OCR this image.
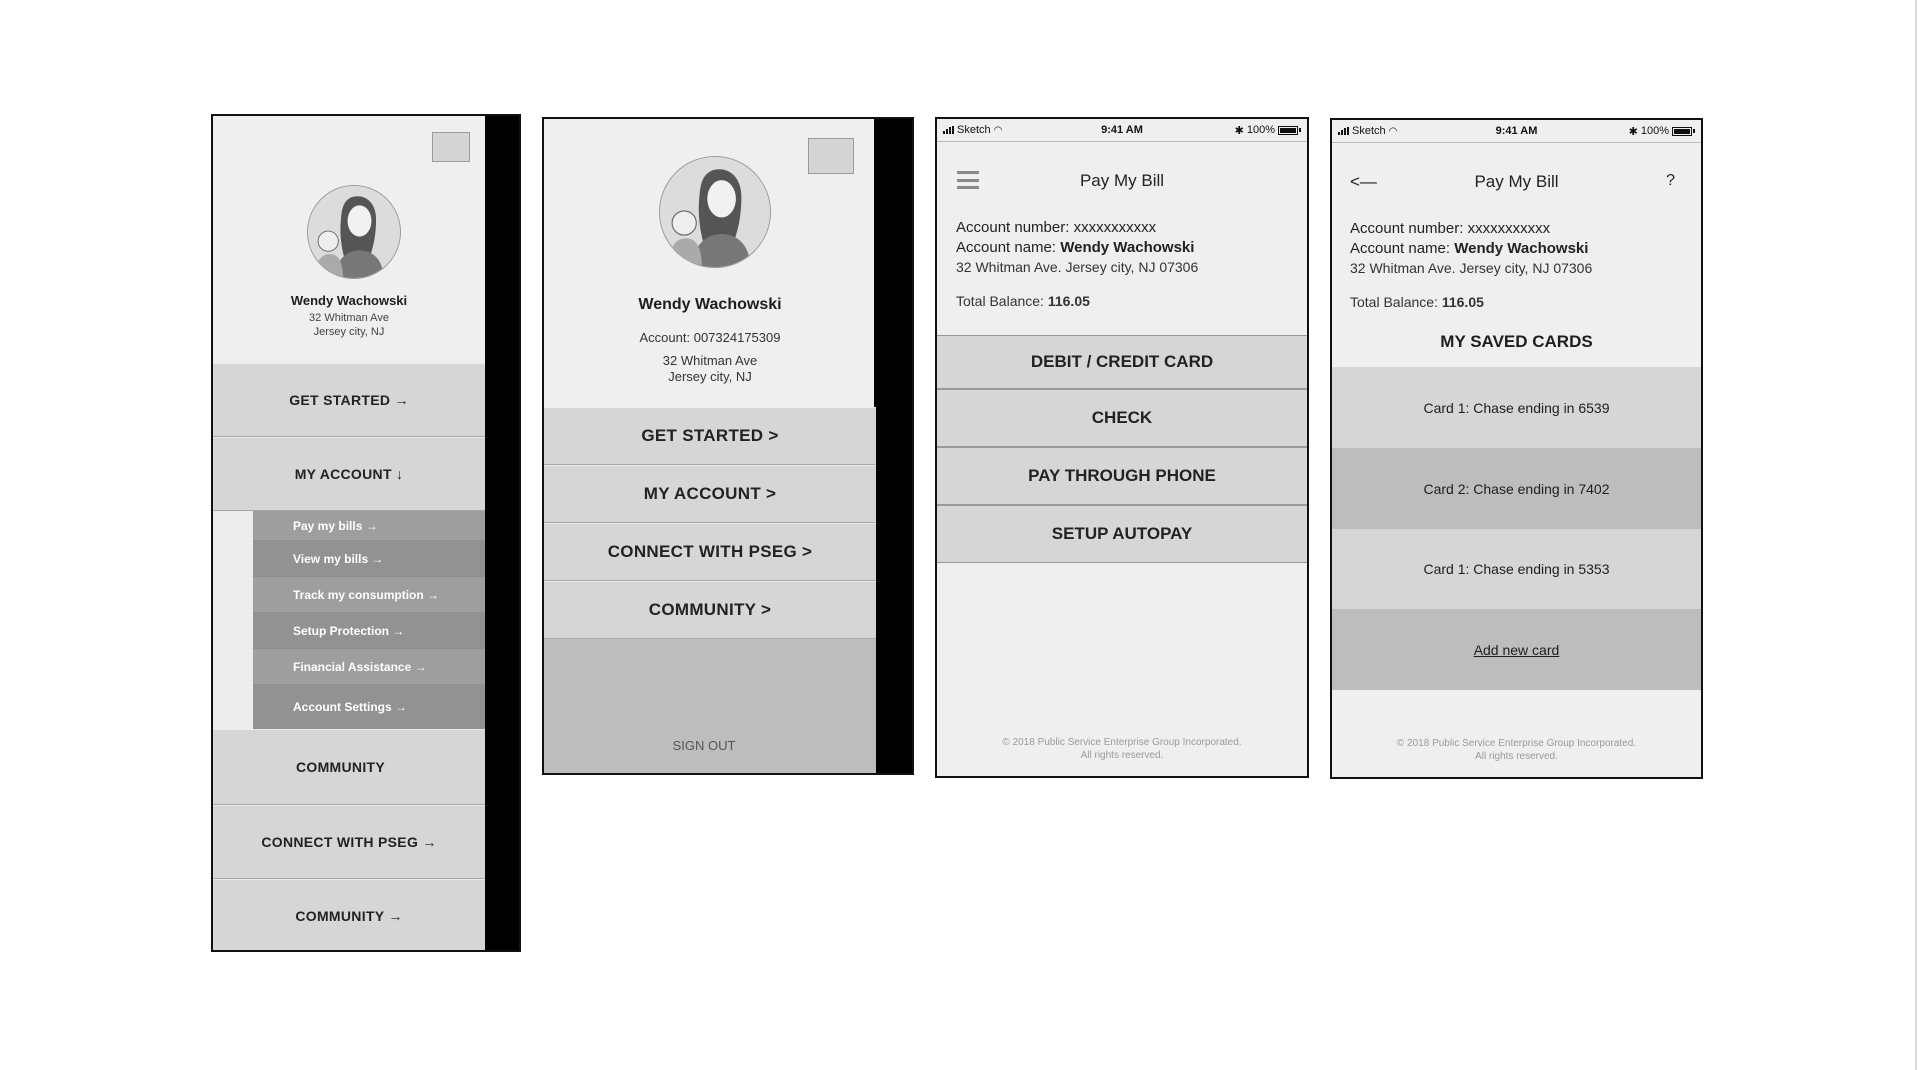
Wendy Wachowski
32 Whitman Ave
Jersey city, NJ
GET STARTED →
MY ACCOUNT ↓
Pay my bills →
View my bills →
Track my consumption →
Setup Protection →
Financial Assistance →
Account Settings →
COMMUNITY
CONNECT WITH PSEG →
COMMUNITY →
Wendy Wachowski
Account: 007324175309
32 Whitman Ave
Jersey city, NJ
GET STARTED >
MY ACCOUNT >
CONNECT WITH PSEG >
COMMUNITY >
SIGN OUT
Sketch ◠	9:41 AM	✱ 100%
Pay My Bill
Account number: xxxxxxxxxxx
Account name: Wendy Wachowski
32 Whitman Ave. Jersey city, NJ 07306
Total Balance: 116.05
DEBIT / CREDIT CARD
CHECK
PAY THROUGH PHONE
SETUP AUTOPAY
© 2018 Public Service Enterprise Group Incorporated.
All rights reserved.
Sketch ◠	9:41 AM	✱ 100%
<—	Pay My Bill	?
Account number: xxxxxxxxxxx
Account name: Wendy Wachowski
32 Whitman Ave. Jersey city, NJ 07306
Total Balance: 116.05
MY SAVED CARDS
Card 1: Chase ending in 6539
Card 2: Chase ending in 7402
Card 1: Chase ending in 5353
Add new card
© 2018 Public Service Enterprise Group Incorporated.
All rights reserved.
